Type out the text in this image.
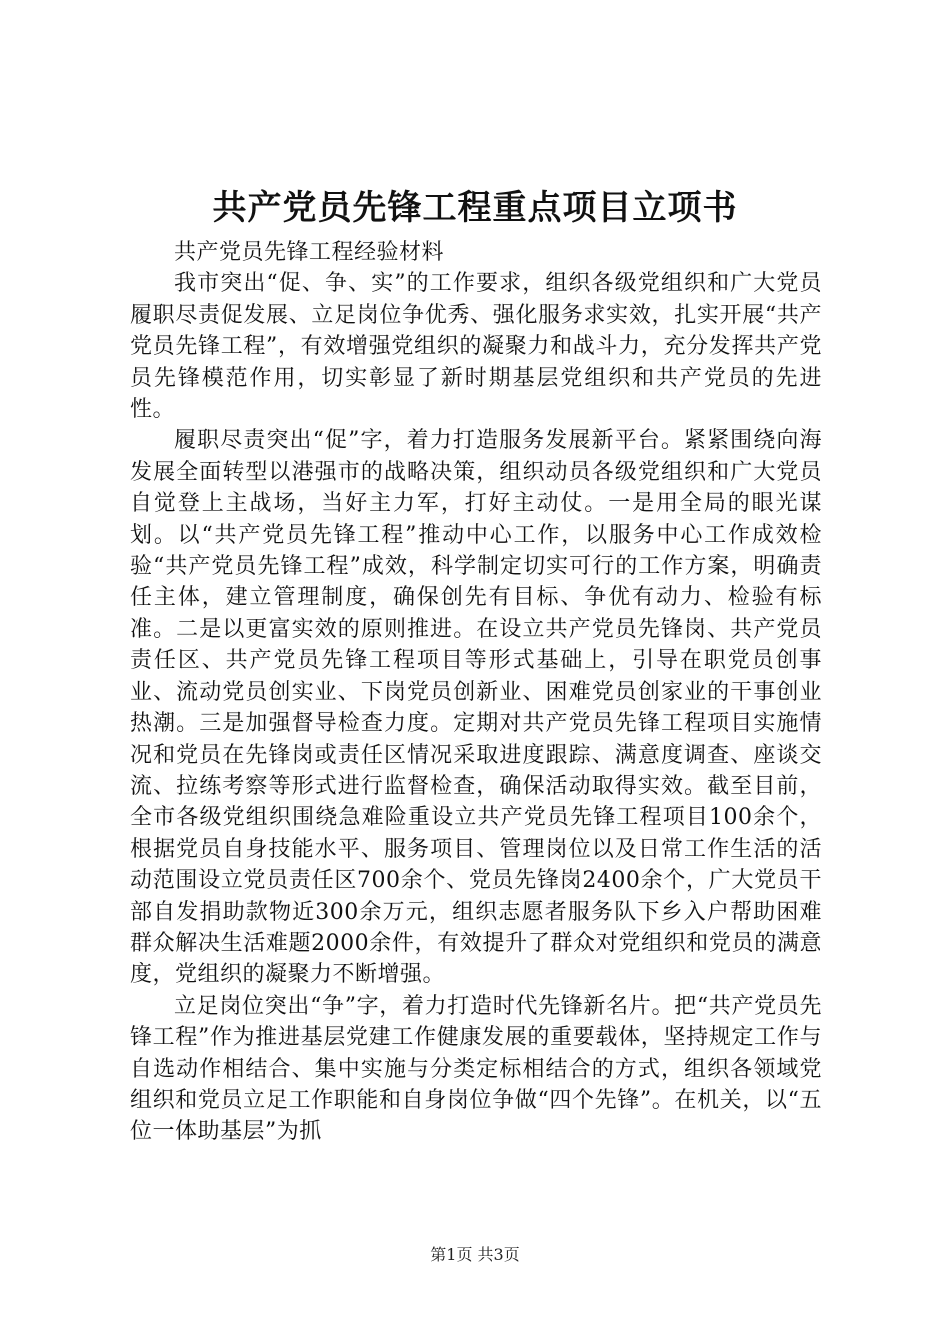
共产党员先锋工程重点项目立项书

共产党员先锋工程经验材料

我市突出“促、争、实”的工作要求，组织各级党组织和广大党员履职尽责促发展、立足岗位争优秀、强化服务求实效，扎实开展“共产党员先锋工程”，有效增强党组织的凝聚力和战斗力，充分发挥共产党员先锋模范作用，切实彰显了新时期基层党组织和共产党员的先进性。

履职尽责突出“促”字，着力打造服务发展新平台。紧紧围绕向海发展全面转型以港强市的战略决策，组织动员各级党组织和广大党员自觉登上主战场，当好主力军，打好主动仗。一是用全局的眼光谋划。以“共产党员先锋工程”推动中心工作，以服务中心工作成效检验“共产党员先锋工程”成效，科学制定切实可行的工作方案，明确责任主体，建立管理制度，确保创先有目标、争优有动力、检验有标准。二是以更富实效的原则推进。在设立共产党员先锋岗、共产党员责任区、共产党员先锋工程项目等形式基础上，引导在职党员创事业、流动党员创实业、下岗党员创新业、困难党员创家业的干事创业热潮。三是加强督导检查力度。定期对共产党员先锋工程项目实施情况和党员在先锋岗或责任区情况采取进度跟踪、满意度调查、座谈交流、拉练考察等形式进行监督检查，确保活动取得实效。截至目前，全市各级党组织围绕急难险重设立共产党员先锋工程项目100余个，根据党员自身技能水平、服务项目、管理岗位以及日常工作生活的活动范围设立党员责任区700余个、党员先锋岗2400余个，广大党员干部自发捐助款物近300余万元，组织志愿者服务队下乡入户帮助困难群众解决生活难题2000余件，有效提升了群众对党组织和党员的满意度，党组织的凝聚力不断增强。

立足岗位突出“争”字，着力打造时代先锋新名片。把“共产党员先锋工程”作为推进基层党建工作健康发展的重要载体，坚持规定工作与自选动作相结合、集中实施与分类定标相结合的方式，组织各领域党组织和党员立足工作职能和自身岗位争做“四个先锋”。在机关，以“五位一体助基层”为抓

第1页 共3页
